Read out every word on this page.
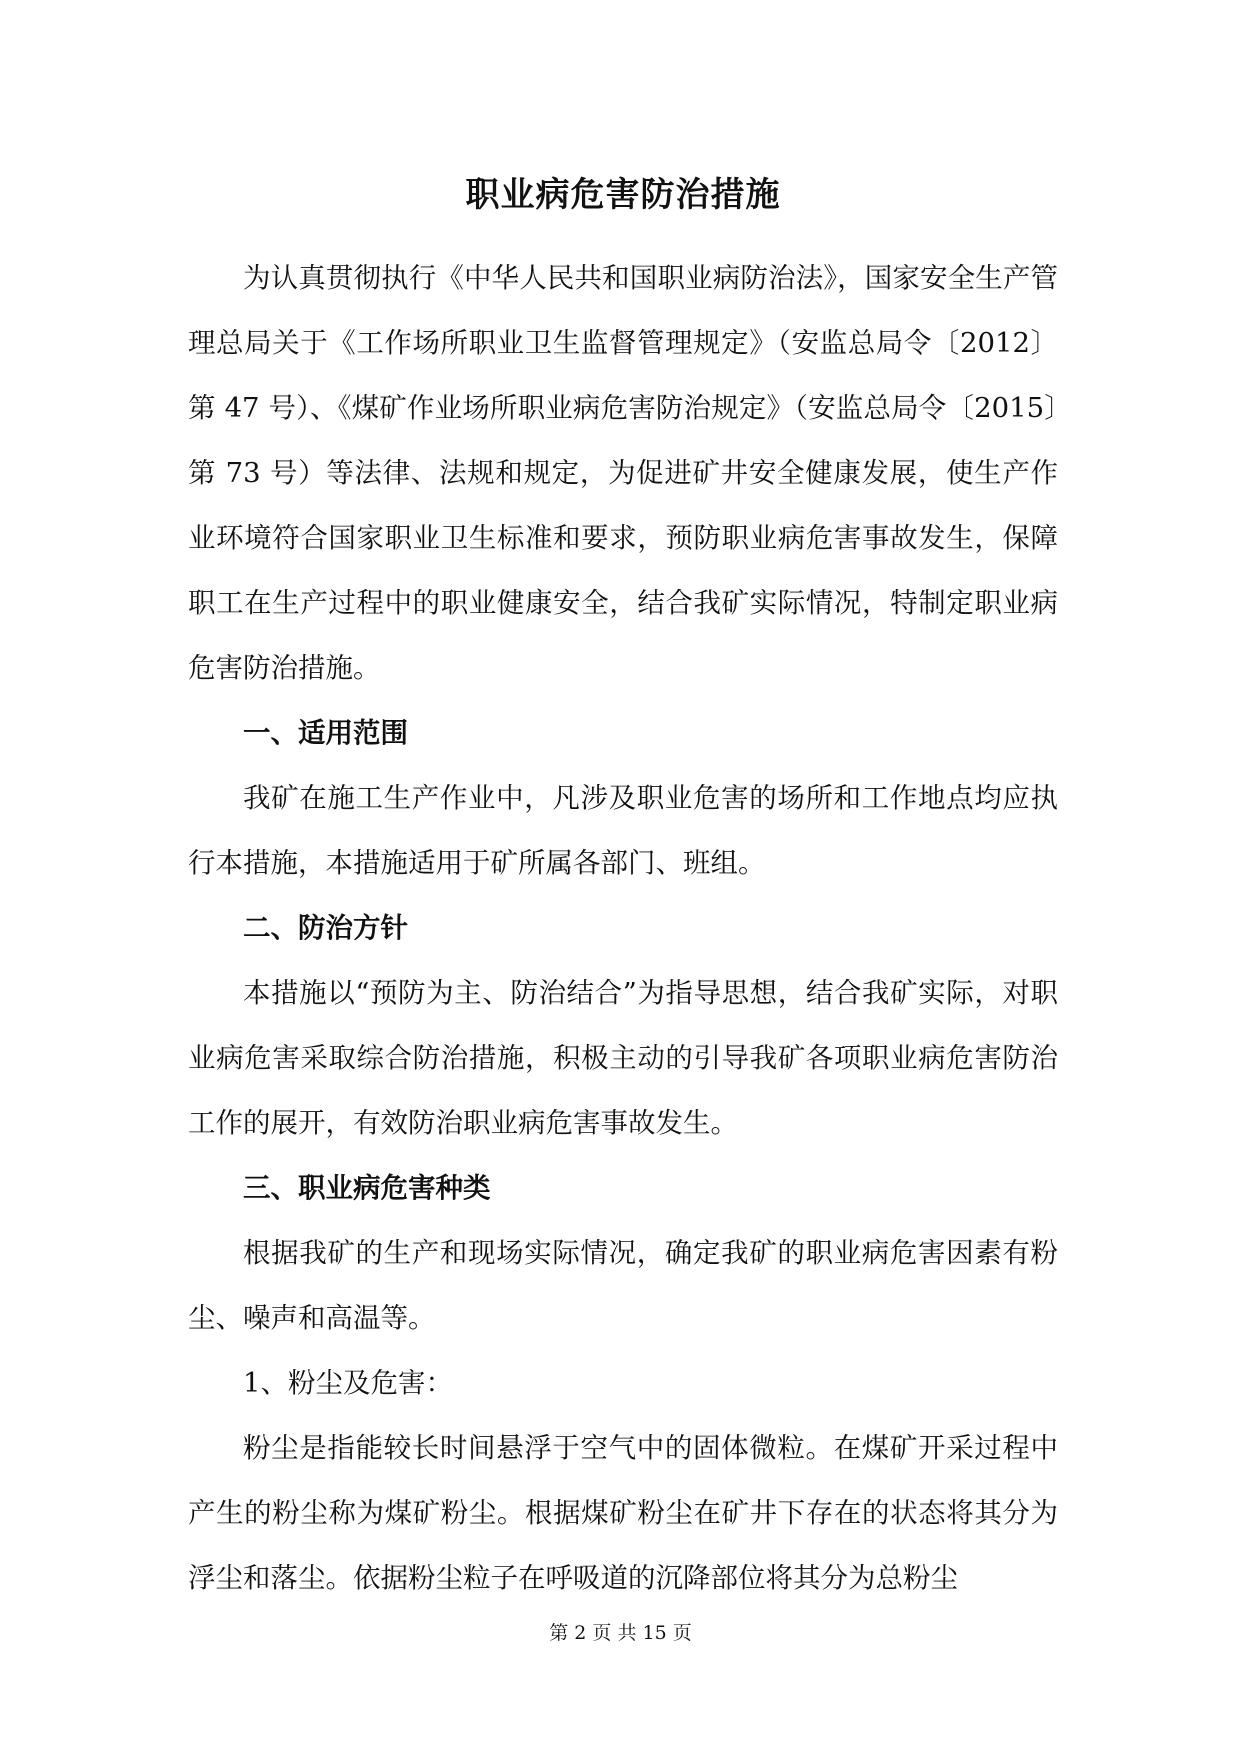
职业病危害防治措施

为认真贯彻执行《中华人民共和国职业病防治法》，国家安全生产管理总局关于《工作场所职业卫生监督管理规定》（安监总局令〔2012〕第 47 号）、《煤矿作业场所职业病危害防治规定》（安监总局令〔2015〕第 73 号）等法律、法规和规定，为促进矿井安全健康发展，使生产作业环境符合国家职业卫生标准和要求，预防职业病危害事故发生，保障职工在生产过程中的职业健康安全，结合我矿实际情况，特制定职业病危害防治措施。

一、适用范围

我矿在施工生产作业中，凡涉及职业危害的场所和工作地点均应执行本措施，本措施适用于矿所属各部门、班组。

二、防治方针

本措施以“预防为主、防治结合”为指导思想，结合我矿实际，对职业病危害采取综合防治措施，积极主动的引导我矿各项职业病危害防治工作的展开，有效防治职业病危害事故发生。

三、职业病危害种类

根据我矿的生产和现场实际情况，确定我矿的职业病危害因素有粉尘、噪声和高温等。

1、粉尘及危害：

粉尘是指能较长时间悬浮于空气中的固体微粒。在煤矿开采过程中产生的粉尘称为煤矿粉尘。根据煤矿粉尘在矿井下存在的状态将其分为浮尘和落尘。依据粉尘粒子在呼吸道的沉降部位将其分为总粉尘

第 2 页 共 15 页
